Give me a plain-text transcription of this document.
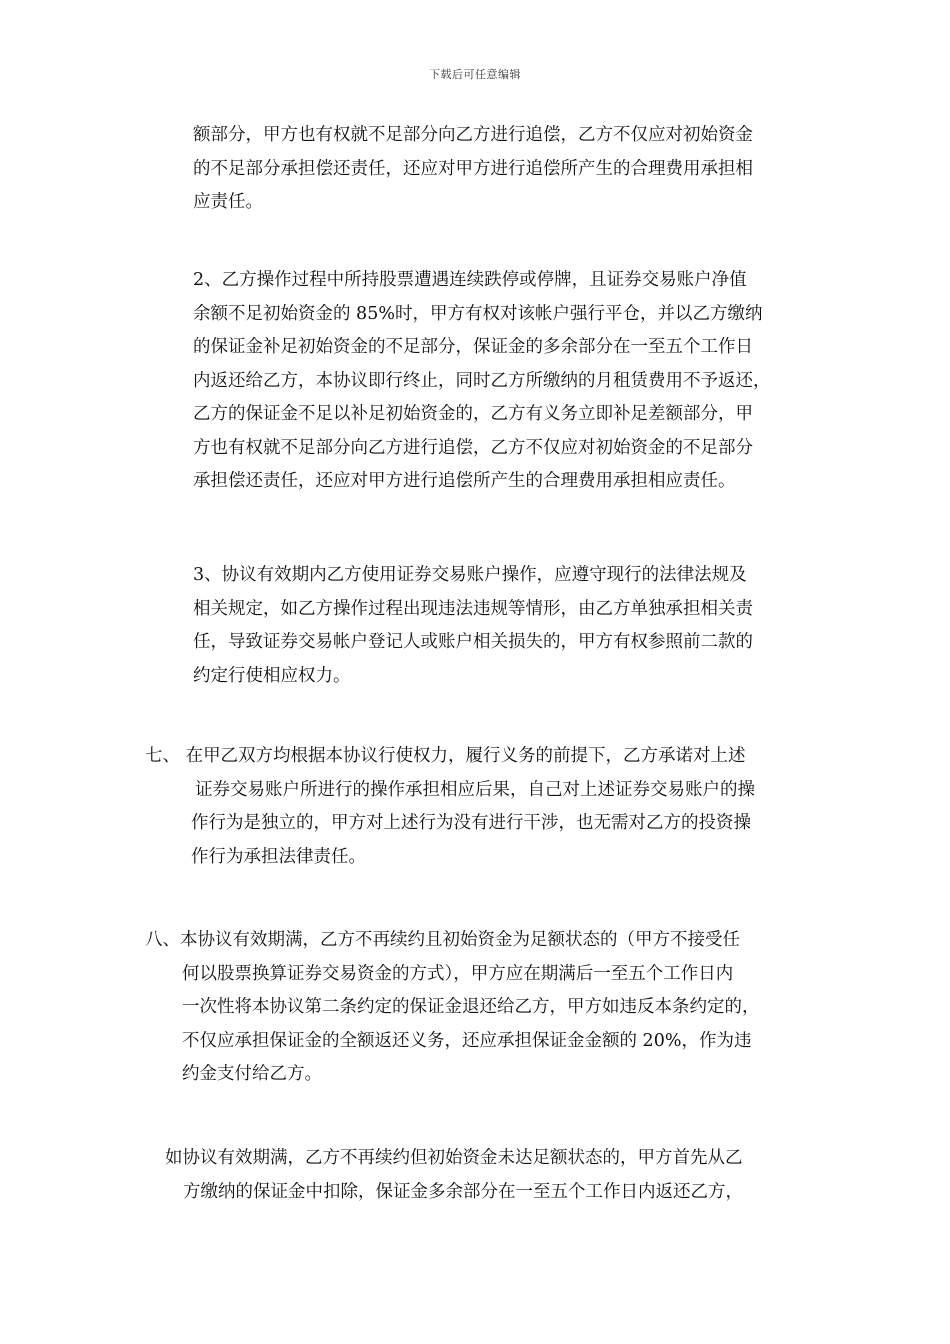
下载后可任意编辑
额部分，甲方也有权就不足部分向乙方进行追偿，乙方不仅应对初始资金
的不足部分承担偿还责任，还应对甲方进行追偿所产生的合理费用承担相
应责任。
2、乙方操作过程中所持股票遭遇连续跌停或停牌，且证券交易账户净值
余额不足初始资金的 85%时，甲方有权对该帐户强行平仓，并以乙方缴纳
的保证金补足初始资金的不足部分，保证金的多余部分在一至五个工作日
内返还给乙方，本协议即行终止，同时乙方所缴纳的月租赁费用不予返还，
乙方的保证金不足以补足初始资金的，乙方有义务立即补足差额部分，甲
方也有权就不足部分向乙方进行追偿，乙方不仅应对初始资金的不足部分
承担偿还责任，还应对甲方进行追偿所产生的合理费用承担相应责任。
3、协议有效期内乙方使用证券交易账户操作，应遵守现行的法律法规及
相关规定，如乙方操作过程出现违法违规等情形，由乙方单独承担相关责
任，导致证券交易帐户登记人或账户相关损失的，甲方有权参照前二款的
约定行使相应权力。
七、 在甲乙双方均根据本协议行使权力，履行义务的前提下，乙方承诺对上述
证券交易账户所进行的操作承担相应后果，自己对上述证券交易账户的操
作行为是独立的，甲方对上述行为没有进行干涉，也无需对乙方的投资操
作行为承担法律责任。
八、本协议有效期满，乙方不再续约且初始资金为足额状态的（甲方不接受任
何以股票换算证券交易资金的方式），甲方应在期满后一至五个工作日内
一次性将本协议第二条约定的保证金退还给乙方，甲方如违反本条约定的，
不仅应承担保证金的全额返还义务，还应承担保证金金额的 20%，作为违
约金支付给乙方。
如协议有效期满，乙方不再续约但初始资金未达足额状态的，甲方首先从乙
方缴纳的保证金中扣除，保证金多余部分在一至五个工作日内返还乙方，
